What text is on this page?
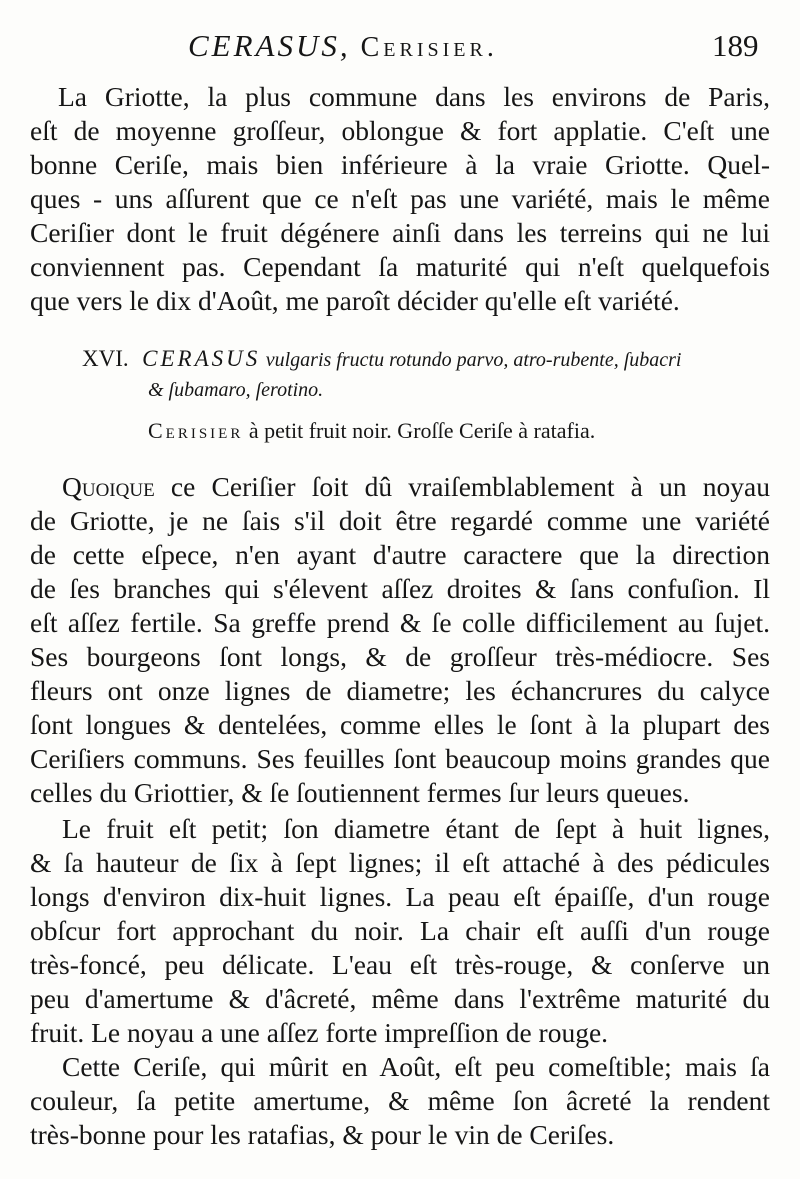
CERASUS, Cerisier.	189
La Griotte, la plus commune dans les environs de Paris,
eſt de moyenne groſſeur, oblongue & fort applatie. C'eſt une
bonne Ceriſe, mais bien inférieure à la vraie Griotte. Quel-
ques - uns aſſurent que ce n'eſt pas une variété, mais le même
Ceriſier dont le fruit dégénere ainſi dans les terreins qui ne lui
conviennent pas. Cependant ſa maturité qui n'eſt quelquefois
que vers le dix d'Août, me paroît décider qu'elle eſt variété.
XVI. CERASUS vulgaris fructu rotundo parvo, atro-rubente, ſubacri
& ſubamaro, ſerotino.
Cerisier à petit fruit noir. Groſſe Ceriſe à ratafia.
Quoique ce Ceriſier ſoit dû vraiſemblablement à un noyau
de Griotte, je ne ſais s'il doit être regardé comme une variété
de cette eſpece, n'en ayant d'autre caractere que la direction
de ſes branches qui s'élevent aſſez droites & ſans confuſion. Il
eſt aſſez fertile. Sa greffe prend & ſe colle difficilement au ſujet.
Ses bourgeons ſont longs, & de groſſeur très-médiocre. Ses
fleurs ont onze lignes de diametre; les échancrures du calyce
ſont longues & dentelées, comme elles le ſont à la plupart des
Ceriſiers communs. Ses feuilles ſont beaucoup moins grandes que
celles du Griottier, & ſe ſoutiennent fermes ſur leurs queues.
Le fruit eſt petit; ſon diametre étant de ſept à huit lignes,
& ſa hauteur de ſix à ſept lignes; il eſt attaché à des pédicules
longs d'environ dix-huit lignes. La peau eſt épaiſſe, d'un rouge
obſcur fort approchant du noir. La chair eſt auſſi d'un rouge
très-foncé, peu délicate. L'eau eſt très-rouge, & conſerve un
peu d'amertume & d'âcreté, même dans l'extrême maturité du
fruit. Le noyau a une aſſez forte impreſſion de rouge.
Cette Ceriſe, qui mûrit en Août, eſt peu comeſtible; mais ſa
couleur, ſa petite amertume, & même ſon âcreté la rendent
très-bonne pour les ratafias, & pour le vin de Ceriſes.
